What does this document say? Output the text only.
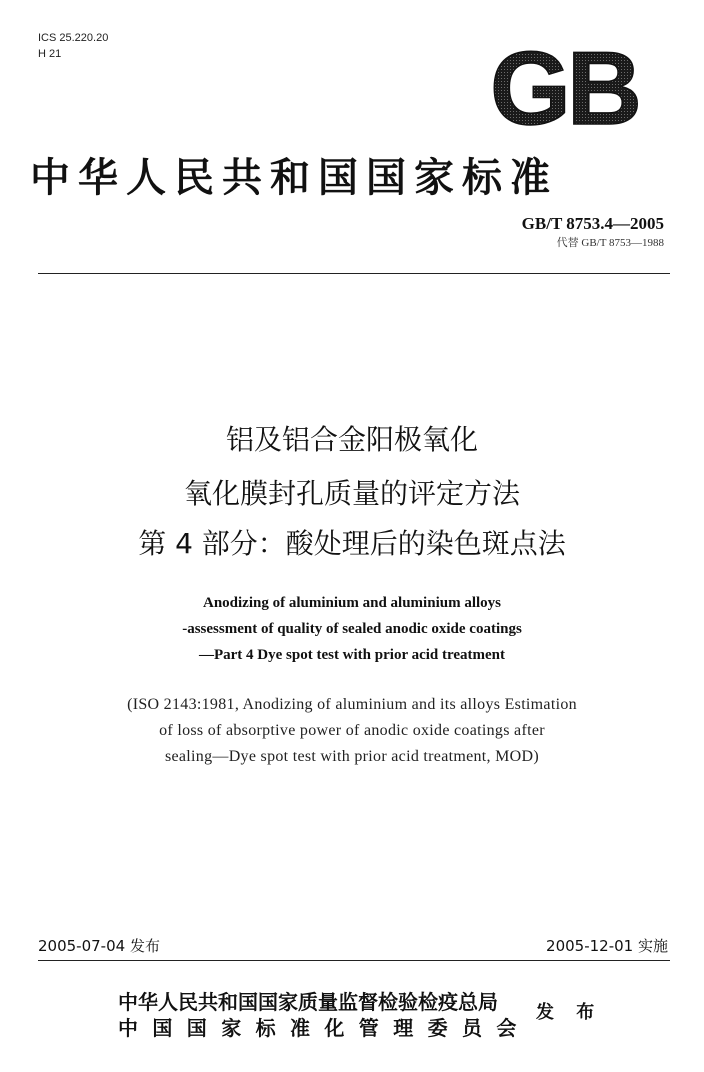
ICS 25.220.20
H 21	GB
中华人民共和国国家标准
GB/T 8753.4—2005
代替 GB/T 8753—1988
铝及铝合金阳极氧化
氧化膜封孔质量的评定方法
第 4 部分：酸处理后的染色斑点法
Anodizing of aluminium and aluminium alloys
-assessment of quality of sealed anodic oxide coatings
—Part 4 Dye spot test with prior acid treatment
(ISO 2143:1981, Anodizing of aluminium and its alloys Estimation
of loss of absorptive power of anodic oxide coatings after
sealing—Dye spot test with prior acid treatment, MOD)
2005-07-04 发布	2005-12-01 实施
中华人民共和国国家质量监督检验检疫总局
中国国家标准化管理委员会
发 布
